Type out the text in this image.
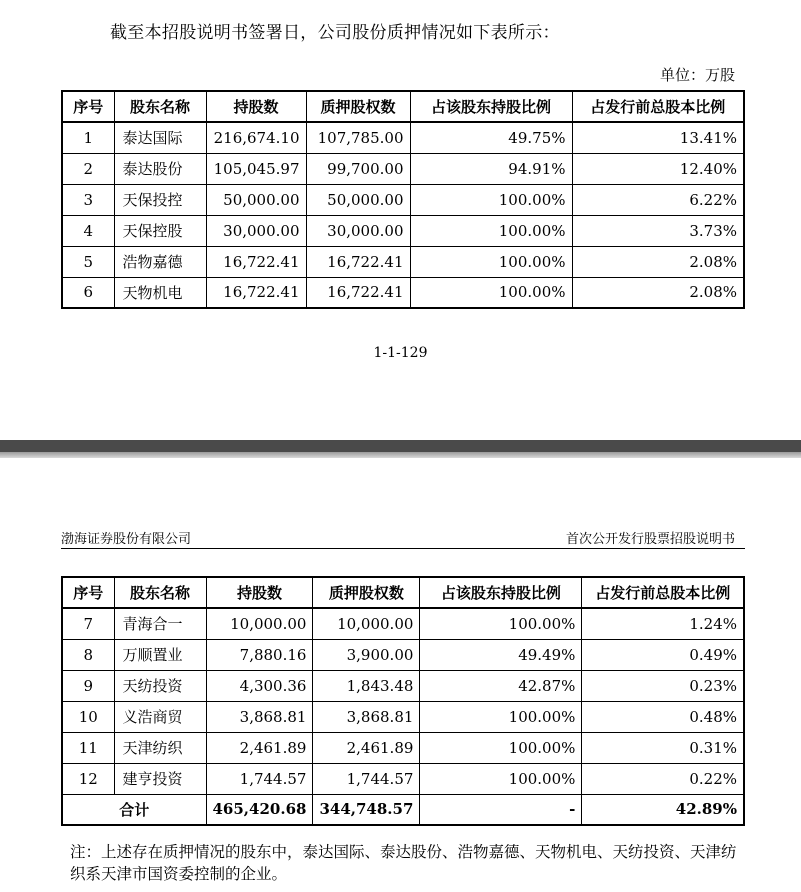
截至本招股说明书签署日，公司股份质押情况如下表所示：
单位：万股
序号	股东名称	持股数	质押股权数	占该股东持股比例	占发行前总股本比例
1	泰达国际	216,674.10	107,785.00	49.75%	13.41%
2	泰达股份	105,045.97	99,700.00	94.91%	12.40%
3	天保投控	50,000.00	50,000.00	100.00%	6.22%
4	天保控股	30,000.00	30,000.00	100.00%	3.73%
5	浩物嘉德	16,722.41	16,722.41	100.00%	2.08%
6	天物机电	16,722.41	16,722.41	100.00%	2.08%
1-1-129
渤海证券股份有限公司	首次公开发行股票招股说明书
序号	股东名称	持股数	质押股权数	占该股东持股比例	占发行前总股本比例
7	青海合一	10,000.00	10,000.00	100.00%	1.24%
8	万顺置业	7,880.16	3,900.00	49.49%	0.49%
9	天纺投资	4,300.36	1,843.48	42.87%	0.23%
10	义浩商贸	3,868.81	3,868.81	100.00%	0.48%
11	天津纺织	2,461.89	2,461.89	100.00%	0.31%
12	建亨投资	1,744.57	1,744.57	100.00%	0.22%
合计		465,420.68	344,748.57	-	42.89%
注：上述存在质押情况的股东中，泰达国际、泰达股份、浩物嘉德、天物机电、天纺投资、天津纺织系天津市国资委控制的企业。
